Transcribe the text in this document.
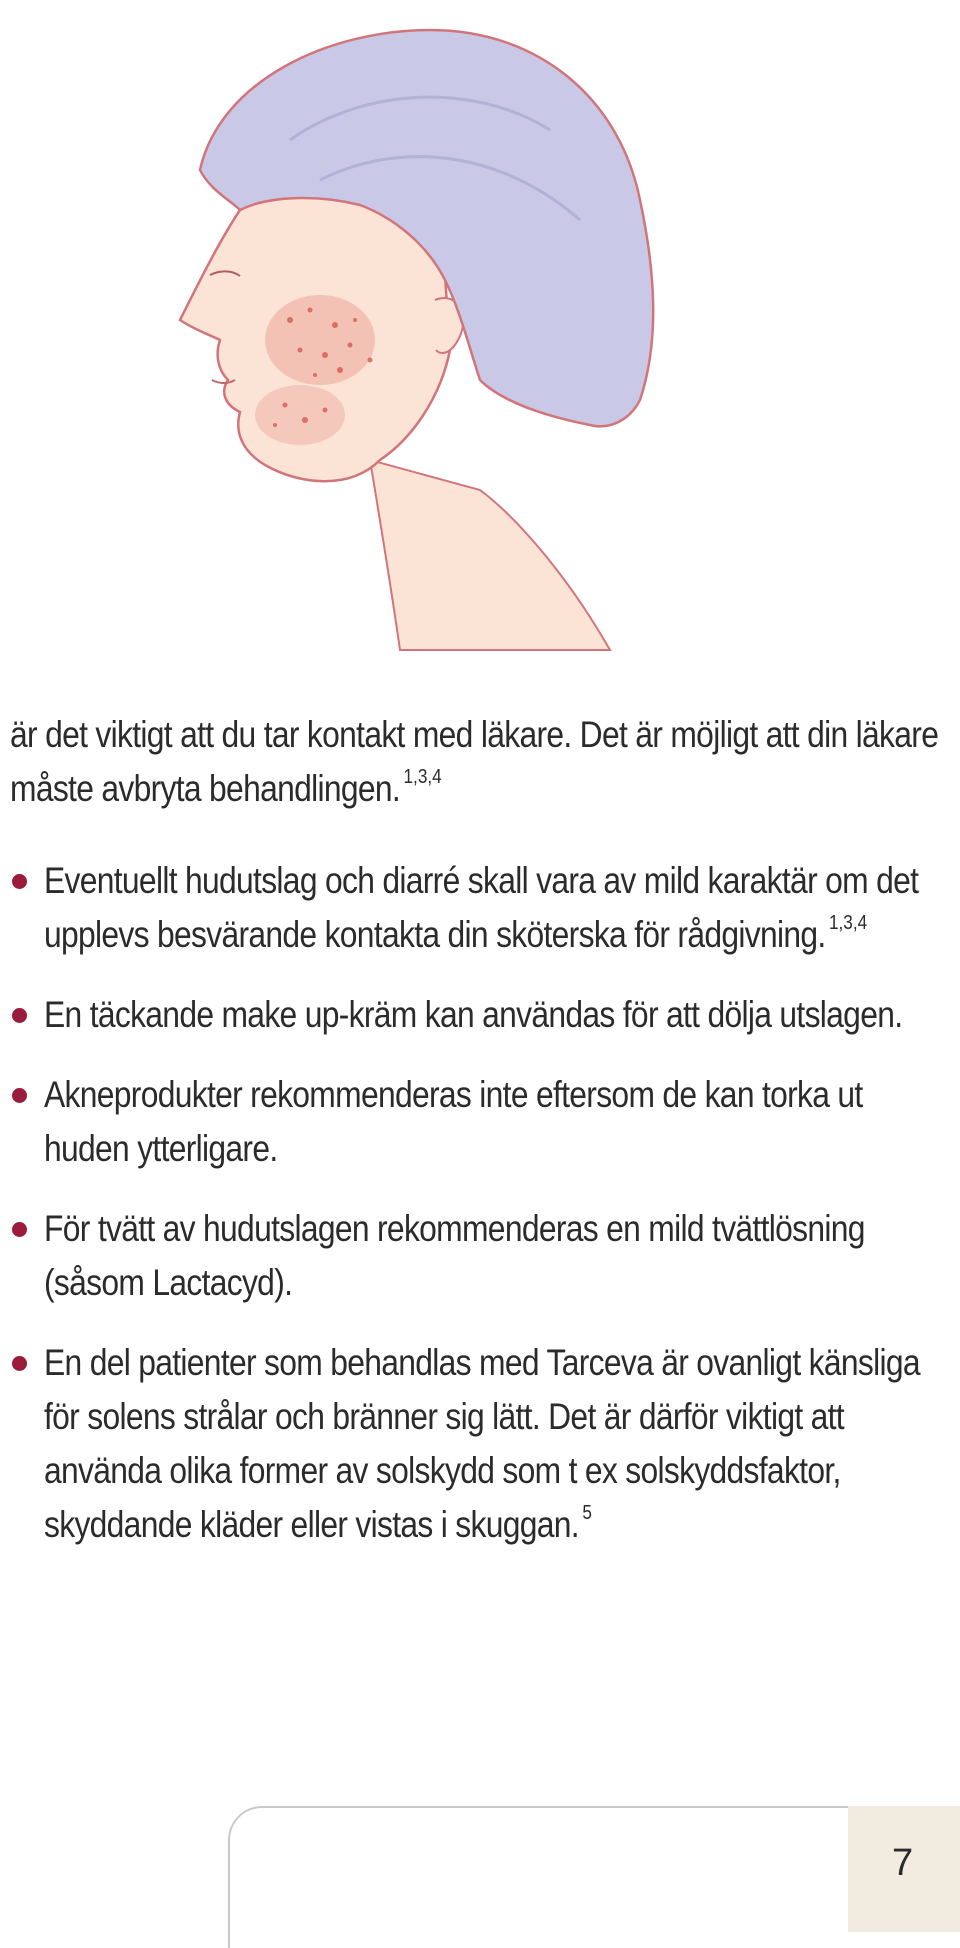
är det viktigt att du tar kontakt med läkare. Det är möjligt att din läkare måste avbryta behandlingen. $^{1,3,4}$

Eventuellt hudutslag och diarré skall vara av mild karaktär om det upplevs besvärande kontakta din sköterska för rådgivning. $^{1,3,4}$
En täckande make up-kräm kan användas för att dölja utslagen.
Akneprodukter rekommenderas inte eftersom de kan torka ut huden ytterligare.
För tvätt av hudutslagen rekommenderas en mild tvättlösning (såsom Lactacyd).
En del patienter som behandlas med Tarceva är ovanligt känsliga för solens strålar och bränner sig lätt. Det är därför viktigt att använda olika former av solskydd som t ex solskyddsfaktor, skyddande kläder eller vistas i skuggan. $^5$
7
